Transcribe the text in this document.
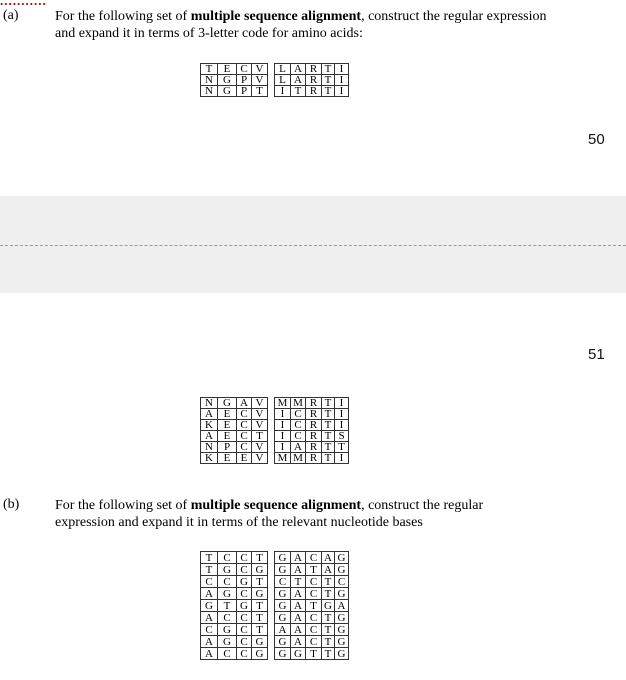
...........
(a)	For the following set of multiple sequence alignment, construct the regular expression
and expand it in terms of 3-letter code for amino acids:
T	E	C	V		L	A	R	T	I
N	G	P	V		L	A	R	T	I
N	G	P	T		I	T	R	T	I
50
51
N	G	A	V		M	M	R	T	I
A	E	C	V		I	C	R	T	I
K	E	C	V		I	C	R	T	I
A	E	C	T		I	C	R	T	S
N	P	C	V		I	A	R	T	T
K	E	E	V		M	M	R	T	I
(b)	For the following set of multiple sequence alignment, construct the regular
expression and expand it in terms of the relevant nucleotide bases
T	C	C	T		G	A	C	A	G
T	G	C	G		G	A	T	A	G
C	C	G	T		C	T	C	T	C
A	G	C	G		G	A	C	T	G
G	T	G	T		G	A	T	G	A
A	C	C	T		G	A	C	T	G
C	G	C	T		A	A	C	T	G
A	G	C	G		G	A	C	T	G
A	C	C	G		G	G	T	T	G
